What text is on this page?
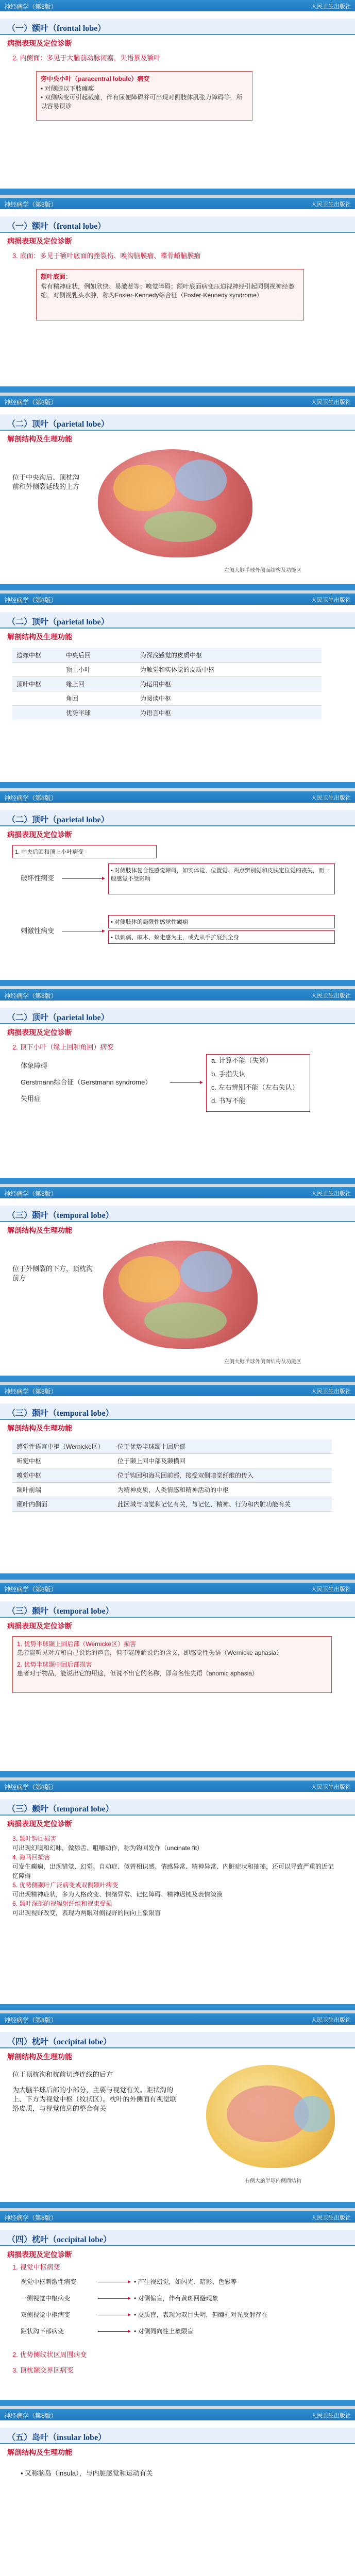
神经病学（第8版）	人民卫生出版社
（一）额叶（frontal lobe）
病损表现及定位诊断
2. 内侧面：多见于大脑前动脉闭塞，失语累及额叶
旁中央小叶（paracentral lobule）病变
• 对侧膝以下肢瘫痪
• 双侧病变可引起截瘫，伴有尿便障碍并可出现对侧肢体肌张力障碍等，所以容易误诊
神经病学（第8版）	人民卫生出版社
（一）额叶（frontal lobe）
病损表现及定位诊断
3. 底面：多见于额叶底面的挫裂伤、嗅沟脑膜瘤、蝶骨嵴脑膜瘤
额叶底面：
常有精神症状，例如欣快、易激惹等；嗅觉障碍；额叶底面病变压迫视神经引起同侧视神经萎缩，对侧视乳头水肿，称为Foster-Kennedy综合征（Foster-Kennedy syndrome）
神经病学（第8版）	人民卫生出版社
（二）顶叶（parietal lobe）
解剖结构及生理功能
位于中央沟后、顶枕沟前和外侧裂延线的上方
左侧大脑半球外侧面结构及功能区
神经病学（第8版）	人民卫生出版社
（二）顶叶（parietal lobe）
解剖结构及生理功能
边缘中枢	中央后回	为深浅感觉的皮质中枢
	顶上小叶	为触觉和实体觉的皮质中枢
顶叶中枢	缘上回	为运用中枢
	角回	为阅读中枢
	优势半球	为语言中枢
神经病学（第8版）	人民卫生出版社
（二）顶叶（parietal lobe）
病损表现及定位诊断
1. 中央后回和顶上小叶病变
破坏性病变
刺激性病变
• 对侧肢体复合性感觉障碍，如实体觉、位置觉、两点辨别觉和皮肤定位觉的丧失，而一般感觉不受影响
• 对侧肢体的局限性感觉性癫痫
• 以刺痛、麻木、蚁走感为主，或先从手扩展到全身
神经病学（第8版）	人民卫生出版社
（二）顶叶（parietal lobe）
病损表现及定位诊断
2. 顶下小叶（缘上回和角回）病变
体象障碍
Gerstmann综合征（Gerstmann syndrome）
失用症
a. 计算不能（失算）
b. 手指失认
c. 左右辨别不能（左右失认）
d. 书写不能
神经病学（第8版）	人民卫生出版社
（三）颞叶（temporal lobe）
解剖结构及生理功能
位于外侧裂的下方，顶枕沟前方
左侧大脑半球外侧面结构及功能区
神经病学（第8版）	人民卫生出版社
（三）颞叶（temporal lobe）
解剖结构及生理功能
感觉性语言中枢（Wernicke区）	位于优势半球颞上回后部
听觉中枢	位于颞上回中部及颞横回
嗅觉中枢	位于钩回和海马回前部，接受双侧嗅觉纤维的传入
颞叶前端	为精神皮质，人类情感和精神活动的中枢
颞叶内侧面	此区域与嗅觉和记忆有关，与记忆、精神、行为和内脏功能有关
神经病学（第8版）	人民卫生出版社
（三）颞叶（temporal lobe）
病损表现及定位诊断
1. 优势半球颞上回后部（Wernicke区）损害
患者能听见对方和自己说话的声音，但不能理解说话的含义，即感觉性失语（Wernicke aphasia）
2. 优势半球颞中回后部损害
患者对于物品，能说出它的用途，但说不出它的名称，即命名性失语（anomic aphasia）
神经病学（第8版）	人民卫生出版社
（三）颞叶（temporal lobe）
病损表现及定位诊断
3. 颞叶钩回损害
可出现幻嗅和幻味，做舔舌、咀嚼动作，称为钩回发作（uncinate fit）
4. 海马回损害
可发生癫痫，出现错觉、幻觉、自动症、似曾相识感、情感异常、精神异常、内脏症状和抽搐，还可以导致严重的近记忆障碍
5. 优势侧颞叶广泛病变或双侧颞叶病变
可出现精神症状，多为人格改变、情绪异常、记忆障碍、精神迟钝及表情淡漠
6. 颞叶深部的视辐射纤维和视束受损
可出现视野改变，表现为两眼对侧视野的同向上象限盲
神经病学（第8版）	人民卫生出版社
（四）枕叶（occipital lobe）
解剖结构及生理功能
位于顶枕沟和枕前切迹连线的后方
为大脑半球后部的小部分，主要与视觉有关。距状沟的上、下方为视觉中枢（纹状区）。枕叶的外侧面有视觉联络皮质，与视觉信息的整合有关
右侧大脑半球内侧面结构
神经病学（第8版）	人民卫生出版社
（四）枕叶（occipital lobe）
病损表现及定位诊断
1. 视觉中枢病变
视觉中枢刺激性病变
一侧视觉中枢病变
双侧视觉中枢病变
距状沟下部病变
• 产生视幻觉，如闪光、暗影、色彩等
• 对侧偏盲，伴有黄斑回避现象
• 皮质盲，表现为双目失明，但瞳孔对光反射存在
• 对侧同向性上象限盲
2. 优势侧纹状区周围病变
3. 顶枕颞交界区病变
神经病学（第8版）	人民卫生出版社
（五）岛叶（insular lobe）
解剖结构及生理功能
• 又称脑岛（insula），与内脏感觉和运动有关
